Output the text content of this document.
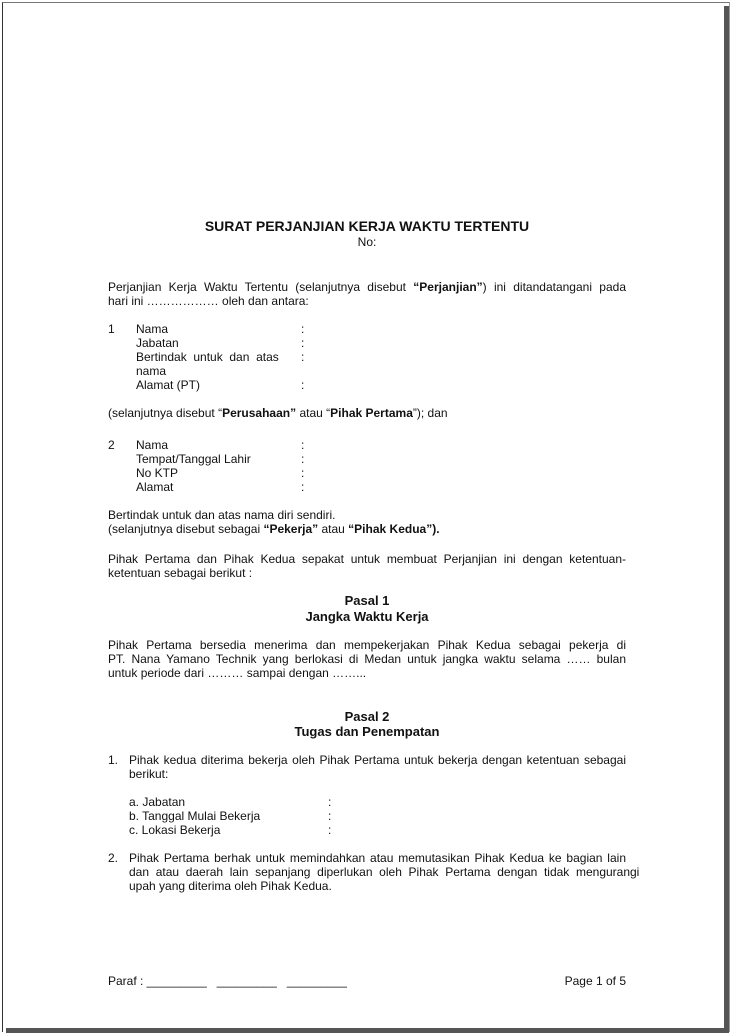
SURAT PERJANJIAN KERJA WAKTU TERTENTU
No:
Perjanjian Kerja Waktu Tertentu (selanjutnya disebut “Perjanjian”) ini ditandatangani pada
hari ini ……………… oleh dan antara:
1 Nama	:
Jabatan	:
Bertindak  untuk  dan  atas :
nama
Alamat (PT)	:
(selanjutnya disebut “Perusahaan” atau “Pihak Pertama”); dan
2 Nama	:
Tempat/Tanggal Lahir	:
No KTP	:
Alamat	:
Bertindak untuk dan atas nama diri sendiri.
(selanjutnya disebut sebagai “Pekerja” atau “Pihak Kedua”).
Pihak Pertama dan Pihak Kedua sepakat untuk membuat Perjanjian ini dengan ketentuan-
ketentuan sebagai berikut :
Pasal 1
Jangka Waktu Kerja
Pihak  Pertama  bersedia  menerima  dan  mempekerjakan  Pihak  Kedua  sebagai  pekerja  di
PT. Nana Yamano Technik yang berlokasi di Medan untuk jangka waktu selama …… bulan
untuk periode dari ……… sampai dengan ……...
Pasal 2
Tugas dan Penempatan
1. Pihak kedua diterima bekerja oleh Pihak Pertama untuk bekerja dengan ketentuan sebagai
berikut:
a. Jabatan	:
b. Tanggal Mulai Bekerja	:
c. Lokasi Bekerja	:
2. Pihak Pertama berhak untuk memindahkan atau memutasikan Pihak Kedua ke bagian lain
dan  atau  daerah  lain  sepanjang  diperlukan  oleh  Pihak  Pertama  dengan  tidak  mengurangi
upah yang diterima oleh Pihak Kedua.
Paraf : _________   _________   _________	Page 1 of 5
